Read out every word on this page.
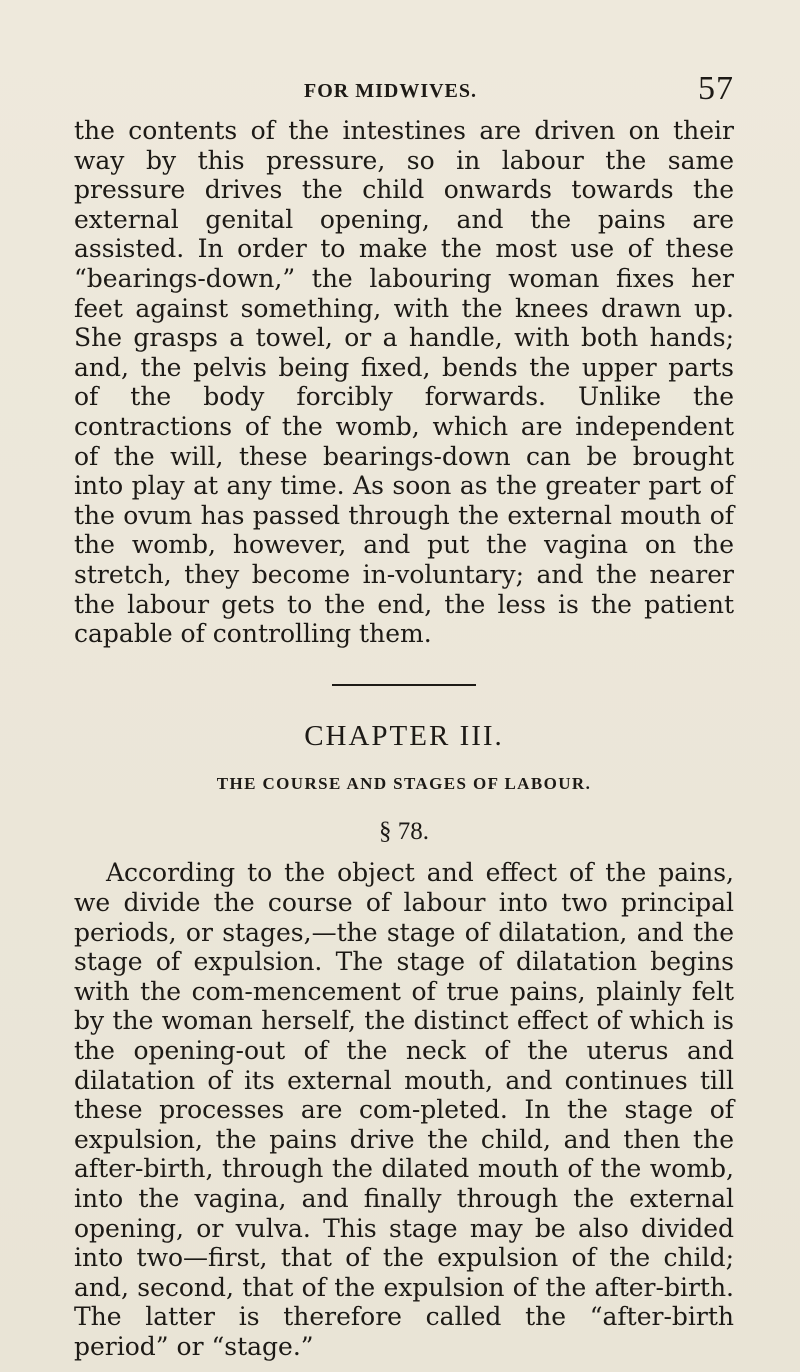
FOR MIDWIVES.	57

the contents of the intestines are driven on their way by this pressure, so in labour the same pressure drives the child onwards towards the external genital opening, and the pains are assisted. In order to make the most use of these “bearings-down,” the labouring woman fixes her feet against something, with the knees drawn up. She grasps a towel, or a handle, with both hands; and, the pelvis being fixed, bends the upper parts of the body forcibly forwards. Unlike the contractions of the womb, which are independent of the will, these bearings-down can be brought into play at any time. As soon as the greater part of the ovum has passed through the external mouth of the womb, however, and put the vagina on the stretch, they become in-voluntary; and the nearer the labour gets to the end, the less is the patient capable of controlling them.

CHAPTER III.
THE COURSE AND STAGES OF LABOUR.
§ 78.

According to the object and effect of the pains, we divide the course of labour into two principal periods, or stages,—the stage of dilatation, and the stage of expulsion. The stage of dilatation begins with the com-mencement of true pains, plainly felt by the woman herself, the distinct effect of which is the opening-out of the neck of the uterus and dilatation of its external mouth, and continues till these processes are com-pleted. In the stage of expulsion, the pains drive the child, and then the after-birth, through the dilated mouth of the womb, into the vagina, and finally through the external opening, or vulva. This stage may be also divided into two—first, that of the expulsion of the child; and, second, that of the expulsion of the after-birth. The latter is therefore called the “after-birth period” or “stage.”
